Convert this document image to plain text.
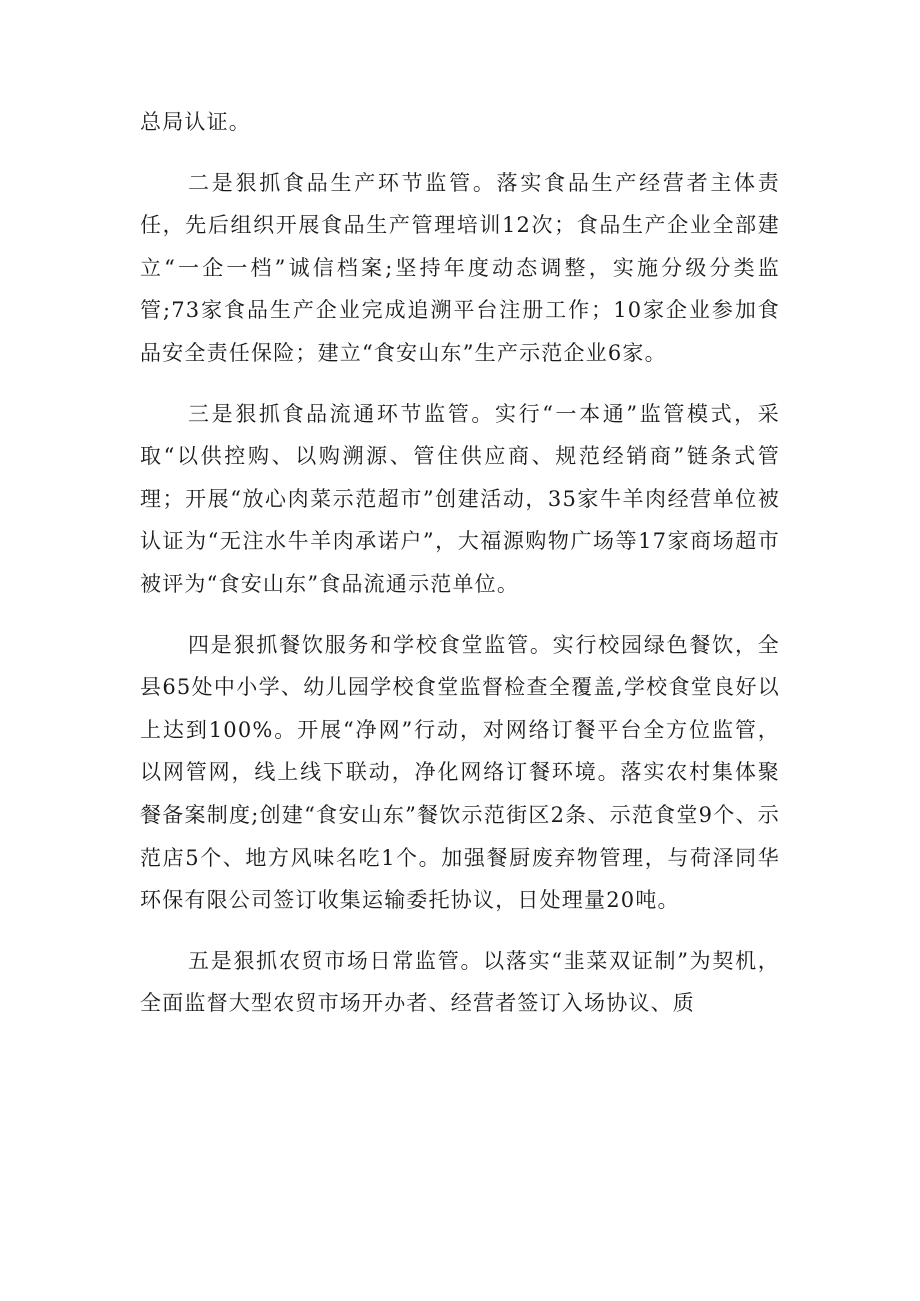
总局认证。

二是狠抓食品生产环节监管。落实食品生产经营者主体责任，先后组织开展食品生产管理培训12次；食品生产企业全部建立“一企一档”诚信档案;坚持年度动态调整，实施分级分类监管;73家食品生产企业完成追溯平台注册工作；10家企业参加食品安全责任保险；建立“食安山东”生产示范企业6家。

三是狠抓食品流通环节监管。实行“一本通”监管模式，采取“以供控购、以购溯源、管住供应商、规范经销商”链条式管理；开展“放心肉菜示范超市”创建活动，35家牛羊肉经营单位被认证为“无注水牛羊肉承诺户”，大福源购物广场等17家商场超市被评为“食安山东”食品流通示范单位。

四是狠抓餐饮服务和学校食堂监管。实行校园绿色餐饮，全县65处中小学、幼儿园学校食堂监督检查全覆盖,学校食堂良好以上达到100%。开展“净网”行动，对网络订餐平台全方位监管，以网管网，线上线下联动，净化网络订餐环境。落实农村集体聚餐备案制度;创建“食安山东”餐饮示范街区2条、示范食堂9个、示范店5个、地方风味名吃1个。加强餐厨废弃物管理，与荷泽同华环保有限公司签订收集运输委托协议，日处理量20吨。

五是狠抓农贸市场日常监管。以落实“韭菜双证制”为契机，全面监督大型农贸市场开办者、经营者签订入场协议、质
